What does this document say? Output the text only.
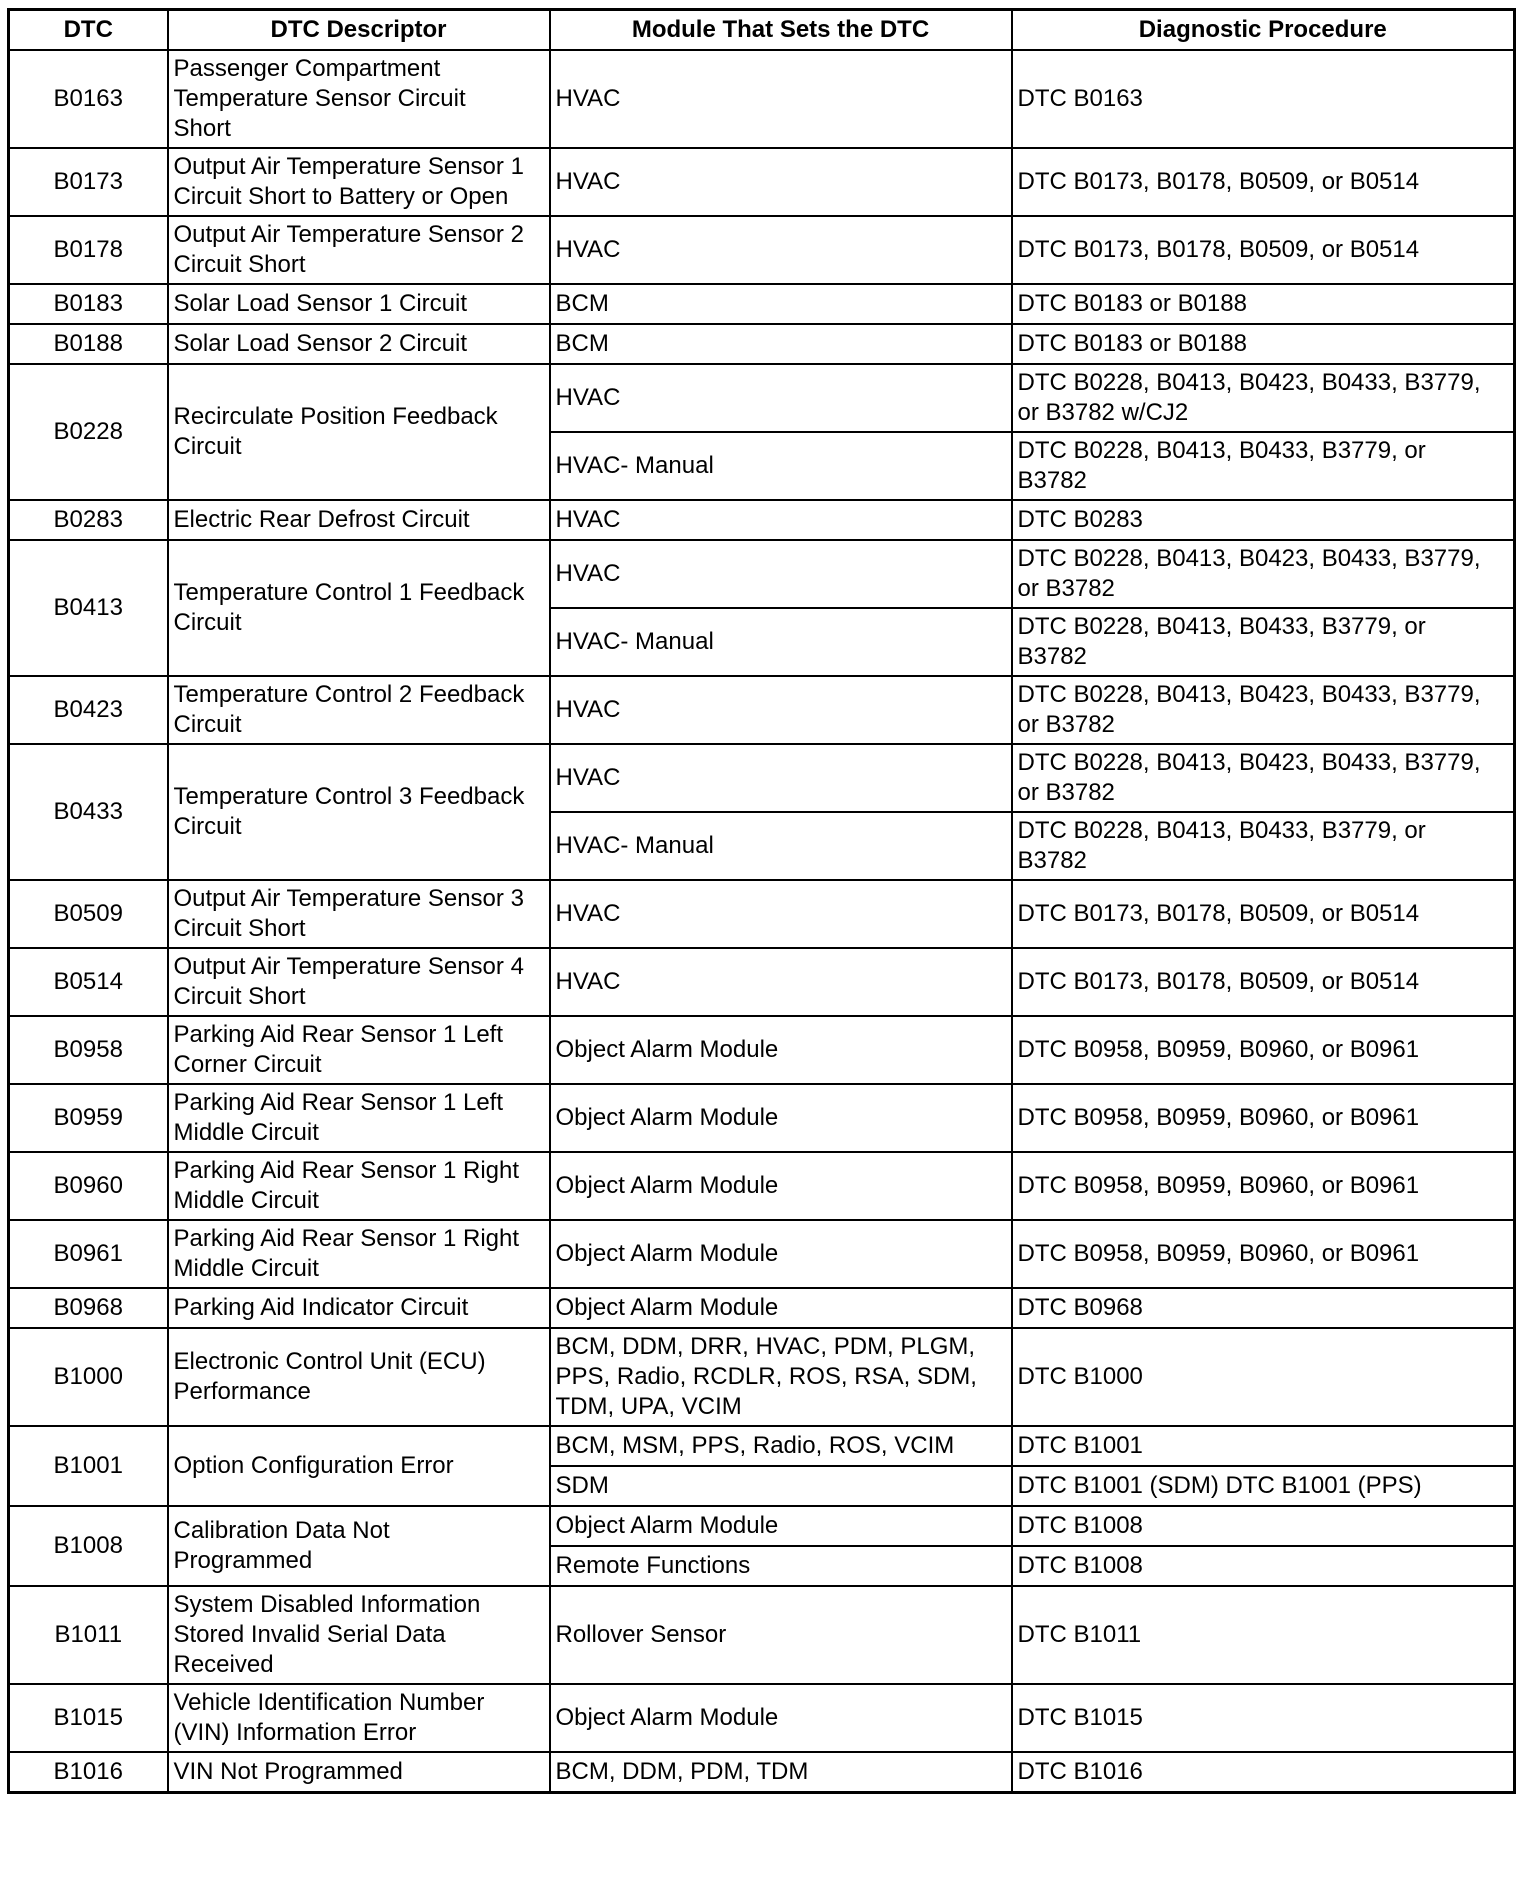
DTC	DTC Descriptor	Module That Sets the DTC	Diagnostic Procedure
B0163	Passenger Compartment
Temperature Sensor Circuit
Short	HVAC	DTC B0163
B0173	Output Air Temperature Sensor 1
Circuit Short to Battery or Open	HVAC	DTC B0173, B0178, B0509, or B0514
B0178	Output Air Temperature Sensor 2
Circuit Short	HVAC	DTC B0173, B0178, B0509, or B0514
B0183	Solar Load Sensor 1 Circuit	BCM	DTC B0183 or B0188
B0188	Solar Load Sensor 2 Circuit	BCM	DTC B0183 or B0188
B0228	Recirculate Position Feedback
Circuit	HVAC	DTC B0228, B0413, B0423, B0433, B3779,
or B3782 w/CJ2
		HVAC- Manual	DTC B0228, B0413, B0433, B3779, or
B3782
B0283	Electric Rear Defrost Circuit	HVAC	DTC B0283
B0413	Temperature Control 1 Feedback
Circuit	HVAC	DTC B0228, B0413, B0423, B0433, B3779,
or B3782
		HVAC- Manual	DTC B0228, B0413, B0433, B3779, or
B3782
B0423	Temperature Control 2 Feedback
Circuit	HVAC	DTC B0228, B0413, B0423, B0433, B3779,
or B3782
B0433	Temperature Control 3 Feedback
Circuit	HVAC	DTC B0228, B0413, B0423, B0433, B3779,
or B3782
		HVAC- Manual	DTC B0228, B0413, B0433, B3779, or
B3782
B0509	Output Air Temperature Sensor 3
Circuit Short	HVAC	DTC B0173, B0178, B0509, or B0514
B0514	Output Air Temperature Sensor 4
Circuit Short	HVAC	DTC B0173, B0178, B0509, or B0514
B0958	Parking Aid Rear Sensor 1 Left
Corner Circuit	Object Alarm Module	DTC B0958, B0959, B0960, or B0961
B0959	Parking Aid Rear Sensor 1 Left
Middle Circuit	Object Alarm Module	DTC B0958, B0959, B0960, or B0961
B0960	Parking Aid Rear Sensor 1 Right
Middle Circuit	Object Alarm Module	DTC B0958, B0959, B0960, or B0961
B0961	Parking Aid Rear Sensor 1 Right
Middle Circuit	Object Alarm Module	DTC B0958, B0959, B0960, or B0961
B0968	Parking Aid Indicator Circuit	Object Alarm Module	DTC B0968
B1000	Electronic Control Unit (ECU)
Performance	BCM, DDM, DRR, HVAC, PDM, PLGM,
PPS, Radio, RCDLR, ROS, RSA, SDM,
TDM, UPA, VCIM	DTC B1000
B1001	Option Configuration Error	BCM, MSM, PPS, Radio, ROS, VCIM	DTC B1001
		SDM	DTC B1001 (SDM) DTC B1001 (PPS)
B1008	Calibration Data Not
Programmed	Object Alarm Module	DTC B1008
		Remote Functions	DTC B1008
B1011	System Disabled Information
Stored Invalid Serial Data
Received	Rollover Sensor	DTC B1011
B1015	Vehicle Identification Number
(VIN) Information Error	Object Alarm Module	DTC B1015
B1016	VIN Not Programmed	BCM, DDM, PDM, TDM	DTC B1016
